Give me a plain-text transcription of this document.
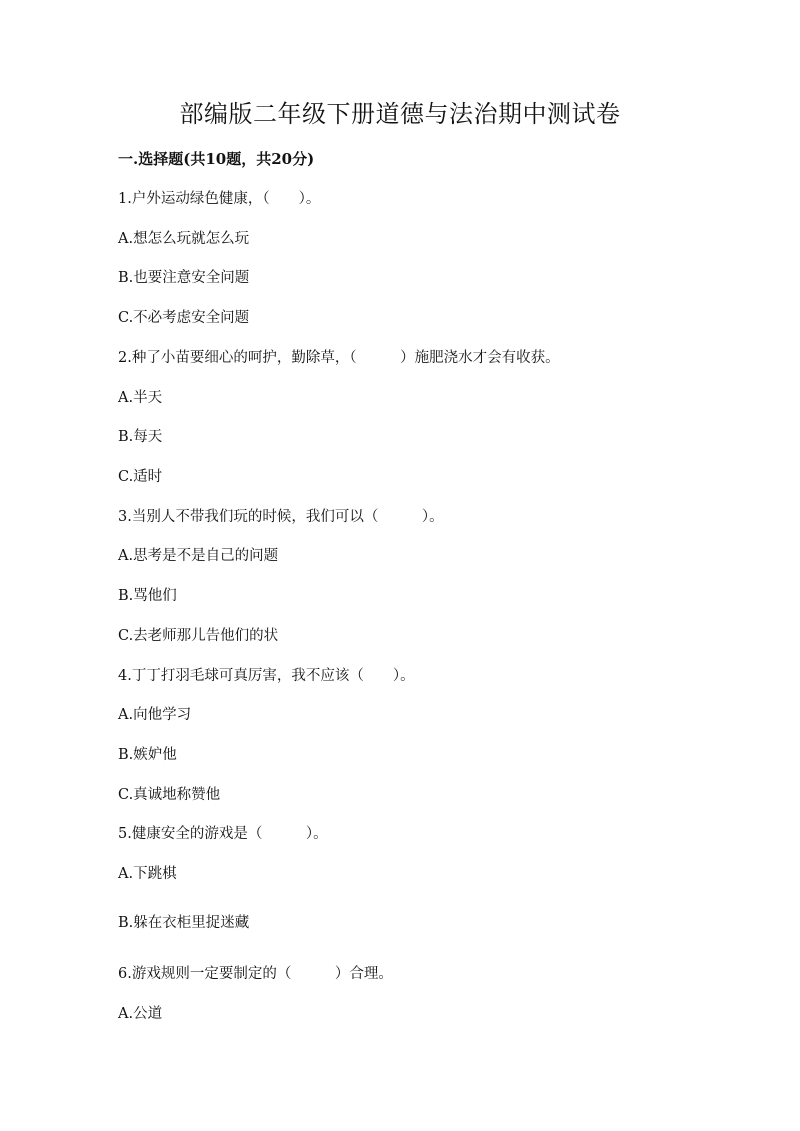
部编版二年级下册道德与法治期中测试卷
一.选择题(共10题，共20分)

1.户外运动绿色健康，（　　）。

A.想怎么玩就怎么玩

B.也要注意安全问题

C.不必考虑安全问题

2.种了小苗要细心的呵护，勤除草，（　　　）施肥浇水才会有收获。

A.半天

B.每天

C.适时

3.当别人不带我们玩的时候，我们可以（　　　）。

A.思考是不是自己的问题

B.骂他们

C.去老师那儿告他们的状

4.丁丁打羽毛球可真厉害，我不应该（　　）。

A.向他学习

B.嫉妒他

C.真诚地称赞他

5.健康安全的游戏是（　　　）。

A.下跳棋

B.躲在衣柜里捉迷藏

6.游戏规则一定要制定的（　　　）合理。

A.公道
